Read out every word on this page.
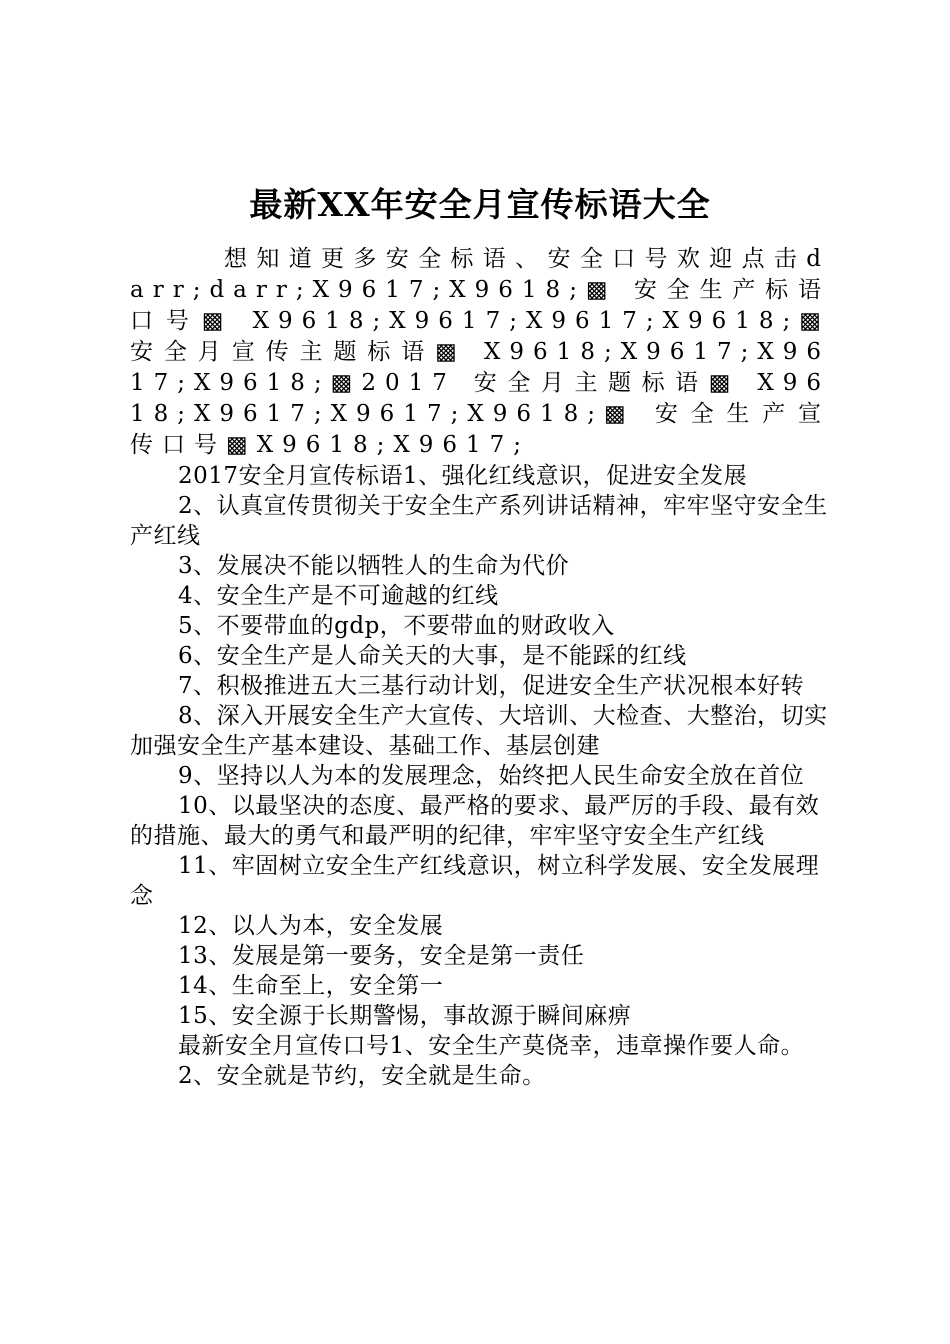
最新XX年安全月宣传标语大全

想知道更多安全标语、安全口号欢迎点击darr;darr;X9617;X9618;▩ 安全生产标语口号▩ X9618;X9617;X9617;X9618;▩ 安全月宣传主题标语▩ X9618;X9617;X9617;X9618;▩2017 安全月主题标语▩ X9618;X9617;X9617;X9618;▩ 安全生产宣传口号▩X9618;X9617;

2017安全月宣传标语1、强化红线意识，促进安全发展

2、认真宣传贯彻关于安全生产系列讲话精神，牢牢坚守安全生产红线

3、发展决不能以牺牲人的生命为代价

4、安全生产是不可逾越的红线

5、不要带血的gdp，不要带血的财政收入

6、安全生产是人命关天的大事，是不能踩的红线

7、积极推进五大三基行动计划，促进安全生产状况根本好转

8、深入开展安全生产大宣传、大培训、大检查、大整治，切实加强安全生产基本建设、基础工作、基层创建

9、坚持以人为本的发展理念，始终把人民生命安全放在首位

10、以最坚决的态度、最严格的要求、最严厉的手段、最有效的措施、最大的勇气和最严明的纪律，牢牢坚守安全生产红线

11、牢固树立安全生产红线意识，树立科学发展、安全发展理念

12、以人为本，安全发展

13、发展是第一要务，安全是第一责任

14、生命至上，安全第一

15、安全源于长期警惕，事故源于瞬间麻痹

最新安全月宣传口号1、安全生产莫侥幸，违章操作要人命。

2、安全就是节约，安全就是生命。
